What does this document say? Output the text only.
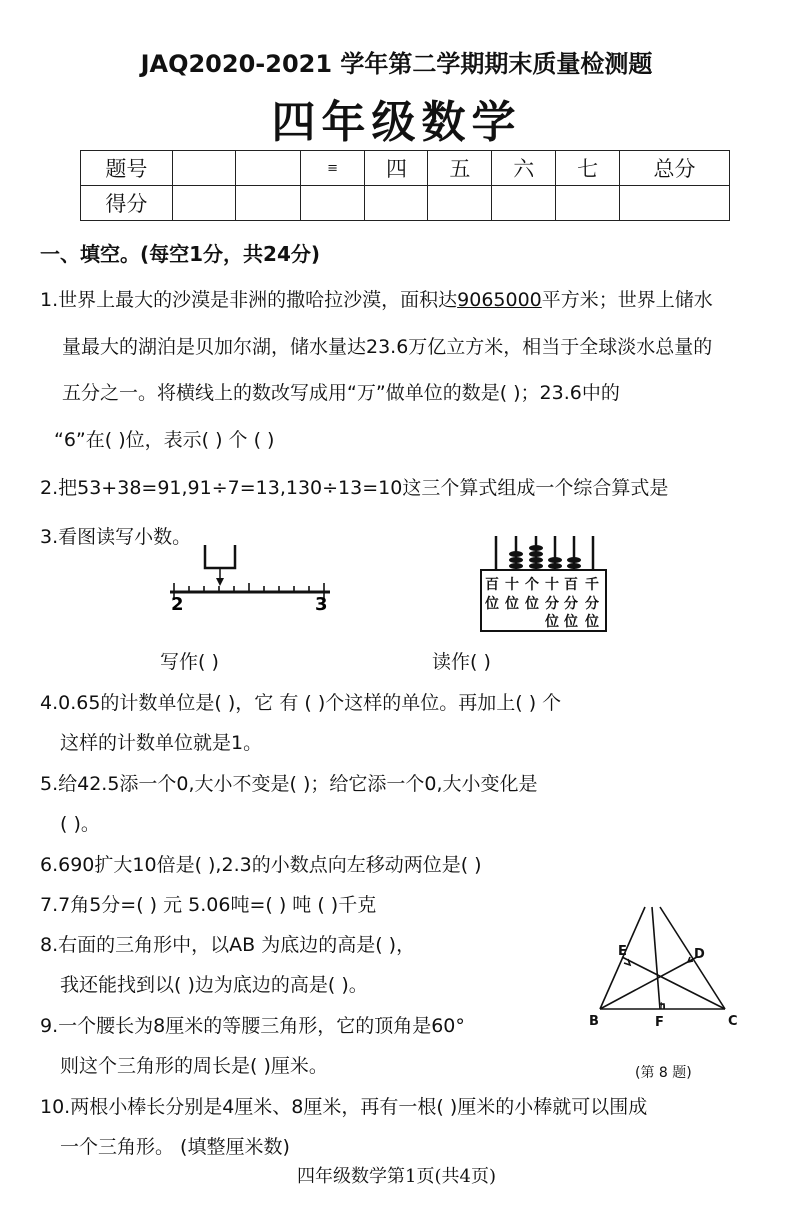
JAQ2020-2021 学年第二学期期末质量检测题
四年级数学
题号			≡	四	五	六	七	总分
得分								
一、填空。(每空1分，共24分)
1.世界上最大的沙漠是非洲的撒哈拉沙漠，面积达9065000平方米；世界上储水
量最大的湖泊是贝加尔湖，储水量达23.6万亿立方米，相当于全球淡水总量的
五分之一。将横线上的数改写成用“万”做单位的数是( )；23.6中的
“6”在( )位，表示( ) 个 ( )
2.把53+38=91,91÷7=13,130÷13=10这三个算式组成一个综合算式是
3.看图读写小数。
2	3
百 十 个 十 百 千
位 位 位 分 分 分
位 位 位
写作( )	读作( )
4.0.65的计数单位是( )，它 有 ( )个这样的单位。再加上( ) 个
这样的计数单位就是1。
5.给42.5添一个0,大小不变是( )；给它添一个0,大小变化是
( )。
6.690扩大10倍是( ),2.3的小数点向左移动两位是( )
7.7角5分=( ) 元 5.06吨=( ) 吨 ( )千克
8.右面的三角形中，以AB 为底边的高是( )，
我还能找到以( )边为底边的高是( )。
9.一个腰长为8厘米的等腰三角形，它的顶角是60°
则这个三角形的周长是( )厘米。
E	D
B	F	C
h
(第 8 题)
10.两根小棒长分别是4厘米、8厘米，再有一根( )厘米的小棒就可以围成
一个三角形。 (填整厘米数)
四年级数学第1页(共4页)
